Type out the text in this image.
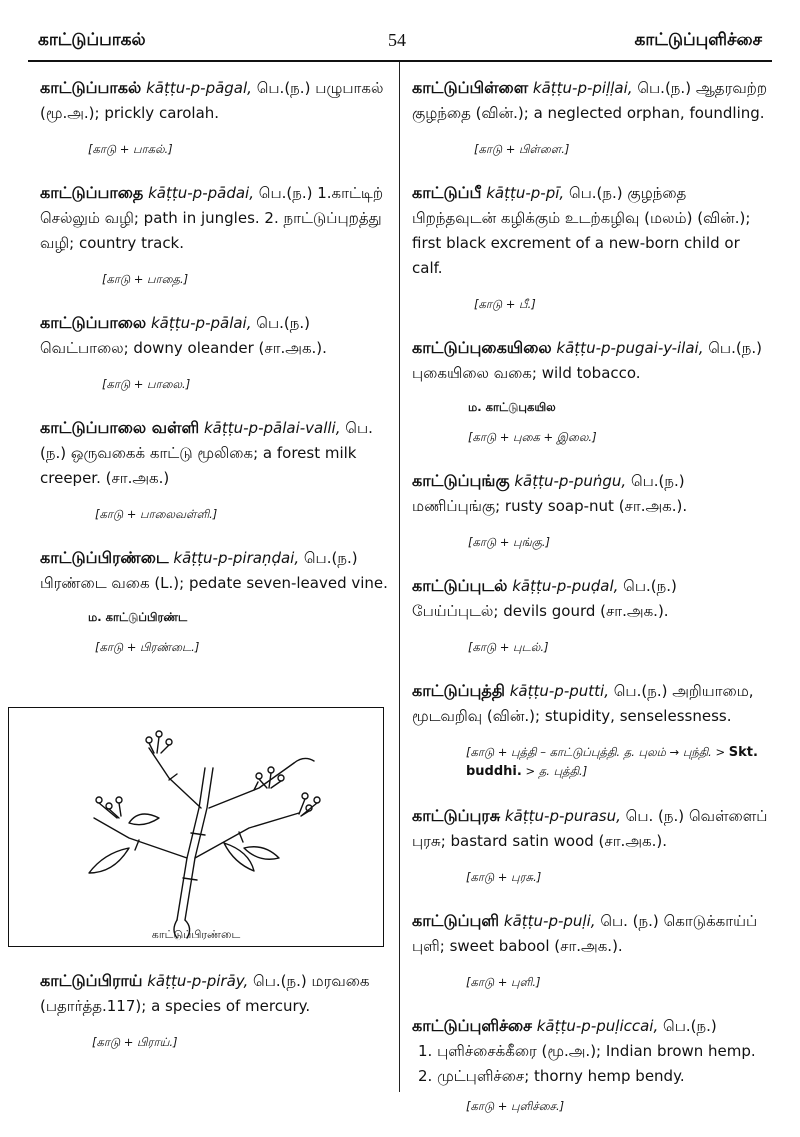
காட்டுப்பாகல்	54	காட்டுப்புளிச்சை
காட்டுப்பாகல் kāṭṭu-p-pāgal, பெ.(ந.) பழுபாகல் (மூ.அ.); prickly carolah.
[காடு + பாகல்.]
காட்டுப்பாதை kāṭṭu-p-pādai, பெ.(ந.) 1.காட்டிற் செல்லும் வழி; path in jungles. 2. நாட்டுப்புறத்து வழி; country track.
[காடு + பாதை.]
காட்டுப்பாலை kāṭṭu-p-pālai, பெ.(ந.) வெட்பாலை; downy oleander (சா.அக.).
[காடு + பாலை.]
காட்டுப்பாலை வள்ளி kāṭṭu-p-pālai-valli, பெ.(ந.) ஒருவகைக் காட்டு மூலிகை; a forest milk creeper. (சா.அக.)
[காடு + பாலைவள்ளி.]
காட்டுப்பிரண்டை kāṭṭu-p-piraṇḍai, பெ.(ந.) பிரண்டை வகை (L.); pedate seven-leaved vine.
ம. காட்டுப்பிரண்ட
[காடு + பிரண்டை.]
காட்டுப்பிரண்டை
காட்டுப்பிராய் kāṭṭu-p-pirāy, பெ.(ந.) மரவகை (பதார்த்த.117); a species of mercury.
[காடு + பிராய்.]
காட்டுப்பிள்ளை kāṭṭu-p-piḷḷai, பெ.(ந.) ஆதரவற்ற குழந்தை (வின்.); a neglected orphan, foundling.
[காடு + பிள்ளை.]
காட்டுப்பீ kāṭṭu-p-pī, பெ.(ந.) குழந்தை பிறந்தவுடன் கழிக்கும் உடற்கழிவு (மலம்) (வின்.); first black excrement of a new-born child or calf.
[காடு + பீ.]
காட்டுப்புகையிலை kāṭṭu-p-pugai-y-ilai, பெ.(ந.) புகையிலை வகை; wild tobacco.
ம. காட்டுபுகயில
[காடு + புகை + இலை.]
காட்டுப்புங்கு kāṭṭu-p-puṅgu, பெ.(ந.) மணிப்புங்கு; rusty soap-nut (சா.அக.).
[காடு + புங்கு.]
காட்டுப்புடல் kāṭṭu-p-puḍal, பெ.(ந.) பேய்ப்புடல்; devils gourd (சா.அக.).
[காடு + புடல்.]
காட்டுப்புத்தி kāṭṭu-p-putti, பெ.(ந.) அறியாமை, மூடவறிவு (வின்.); stupidity, senselessness.
[காடு + புத்தி – காட்டுப்புத்தி. த. புலம் → புந்தி. > Skt. buddhi. > த. புத்தி.]
காட்டுப்புரசு kāṭṭu-p-purasu, பெ. (ந.) வெள்ளைப் புரசு; bastard satin wood (சா.அக.).
[காடு + புரசு.]
காட்டுப்புளி kāṭṭu-p-puḷi, பெ. (ந.) கொடுக்காய்ப் புளி; sweet babool (சா.அக.).
[காடு + புளி.]
காட்டுப்புளிச்சை kāṭṭu-p-puḷiccai, பெ.(ந.)
1. புளிச்சைக்கீரை (மூ.அ.); Indian brown hemp.
2. முட்புளிச்சை; thorny hemp bendy.
[காடு + புளிச்சை.]
